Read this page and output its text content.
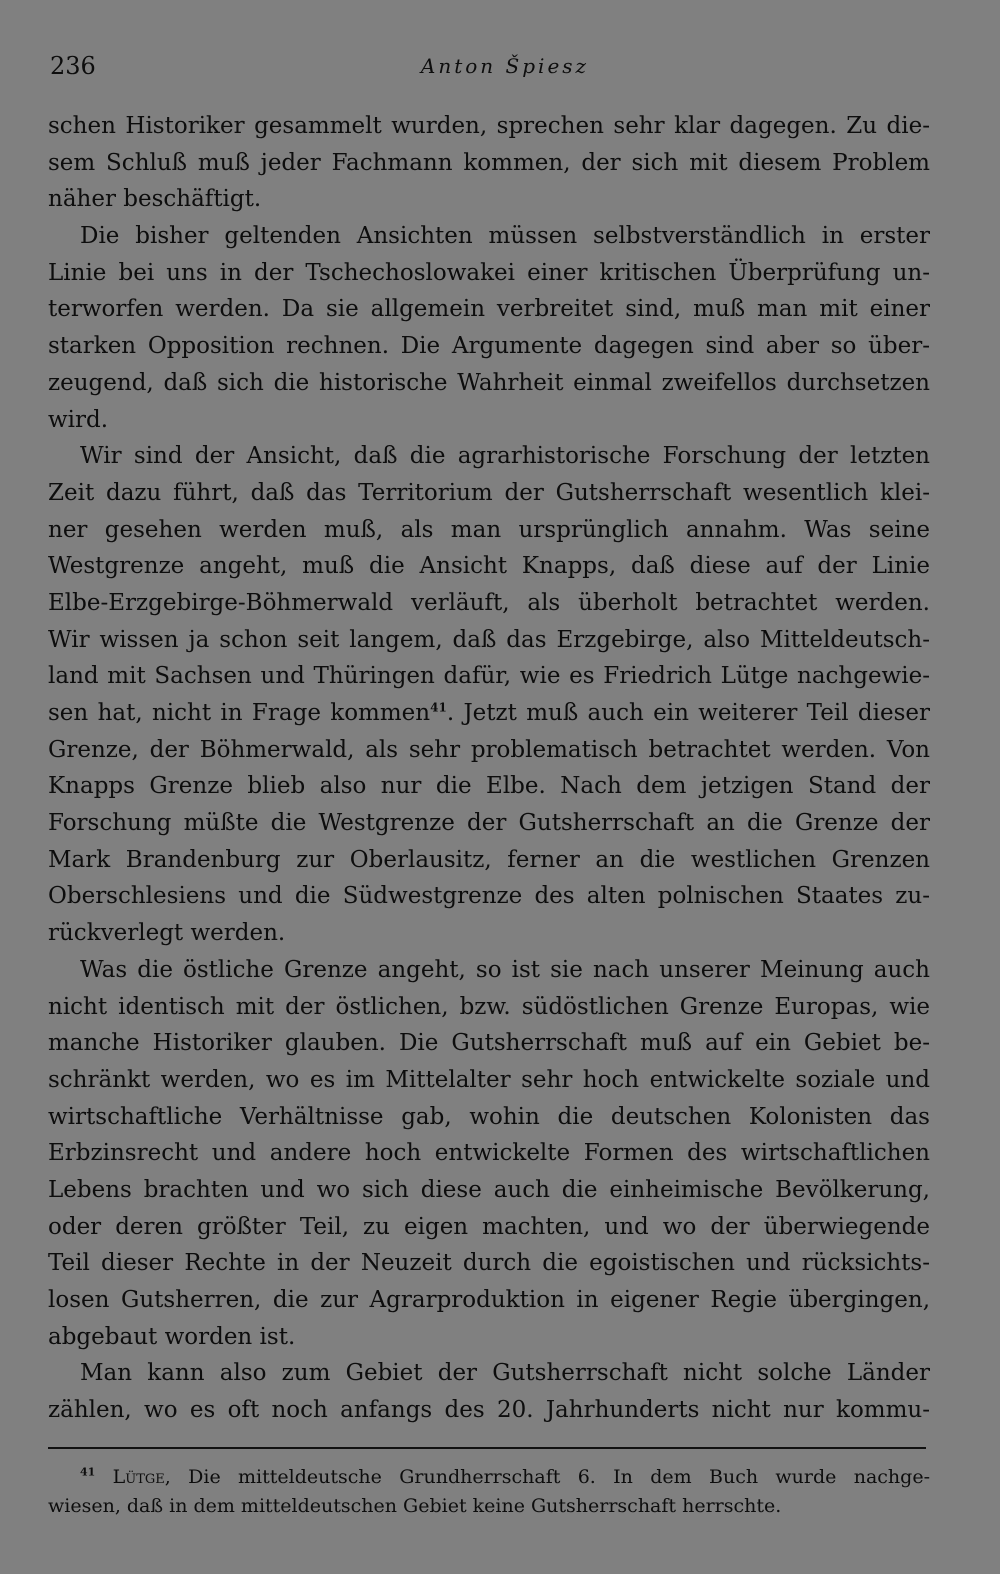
236	Anton Špiesz
schen Historiker gesammelt wurden, sprechen sehr klar dagegen. Zu die-
sem Schluß muß jeder Fachmann kommen, der sich mit diesem Problem
näher beschäftigt.
Die bisher geltenden Ansichten müssen selbstverständlich in erster
Linie bei uns in der Tschechoslowakei einer kritischen Überprüfung un-
terworfen werden. Da sie allgemein verbreitet sind, muß man mit einer
starken Opposition rechnen. Die Argumente dagegen sind aber so über-
zeugend, daß sich die historische Wahrheit einmal zweifellos durchsetzen
wird.
Wir sind der Ansicht, daß die agrarhistorische Forschung der letzten
Zeit dazu führt, daß das Territorium der Gutsherrschaft wesentlich klei-
ner gesehen werden muß, als man ursprünglich annahm. Was seine
Westgrenze angeht, muß die Ansicht Knapps, daß diese auf der Linie
Elbe-Erzgebirge-Böhmerwald verläuft, als überholt betrachtet werden.
Wir wissen ja schon seit langem, daß das Erzgebirge, also Mitteldeutsch-
land mit Sachsen und Thüringen dafür, wie es Friedrich Lütge nachgewie-
sen hat, nicht in Frage kommen$^{41}$. Jetzt muß auch ein weiterer Teil dieser
Grenze, der Böhmerwald, als sehr problematisch betrachtet werden. Von
Knapps Grenze blieb also nur die Elbe. Nach dem jetzigen Stand der
Forschung müßte die Westgrenze der Gutsherrschaft an die Grenze der
Mark Brandenburg zur Oberlausitz, ferner an die westlichen Grenzen
Oberschlesiens und die Südwestgrenze des alten polnischen Staates zu-
rückverlegt werden.
Was die östliche Grenze angeht, so ist sie nach unserer Meinung auch
nicht identisch mit der östlichen, bzw. südöstlichen Grenze Europas, wie
manche Historiker glauben. Die Gutsherrschaft muß auf ein Gebiet be-
schränkt werden, wo es im Mittelalter sehr hoch entwickelte soziale und
wirtschaftliche Verhältnisse gab, wohin die deutschen Kolonisten das
Erbzinsrecht und andere hoch entwickelte Formen des wirtschaftlichen
Lebens brachten und wo sich diese auch die einheimische Bevölkerung,
oder deren größter Teil, zu eigen machten, und wo der überwiegende
Teil dieser Rechte in der Neuzeit durch die egoistischen und rücksichts-
losen Gutsherren, die zur Agrarproduktion in eigener Regie übergingen,
abgebaut worden ist.
Man kann also zum Gebiet der Gutsherrschaft nicht solche Länder
zählen, wo es oft noch anfangs des 20. Jahrhunderts nicht nur kommu-
$^{41}$ Lütge, Die mitteldeutsche Grundherrschaft 6. In dem Buch wurde nachge-
wiesen, daß in dem mitteldeutschen Gebiet keine Gutsherrschaft herrschte.
